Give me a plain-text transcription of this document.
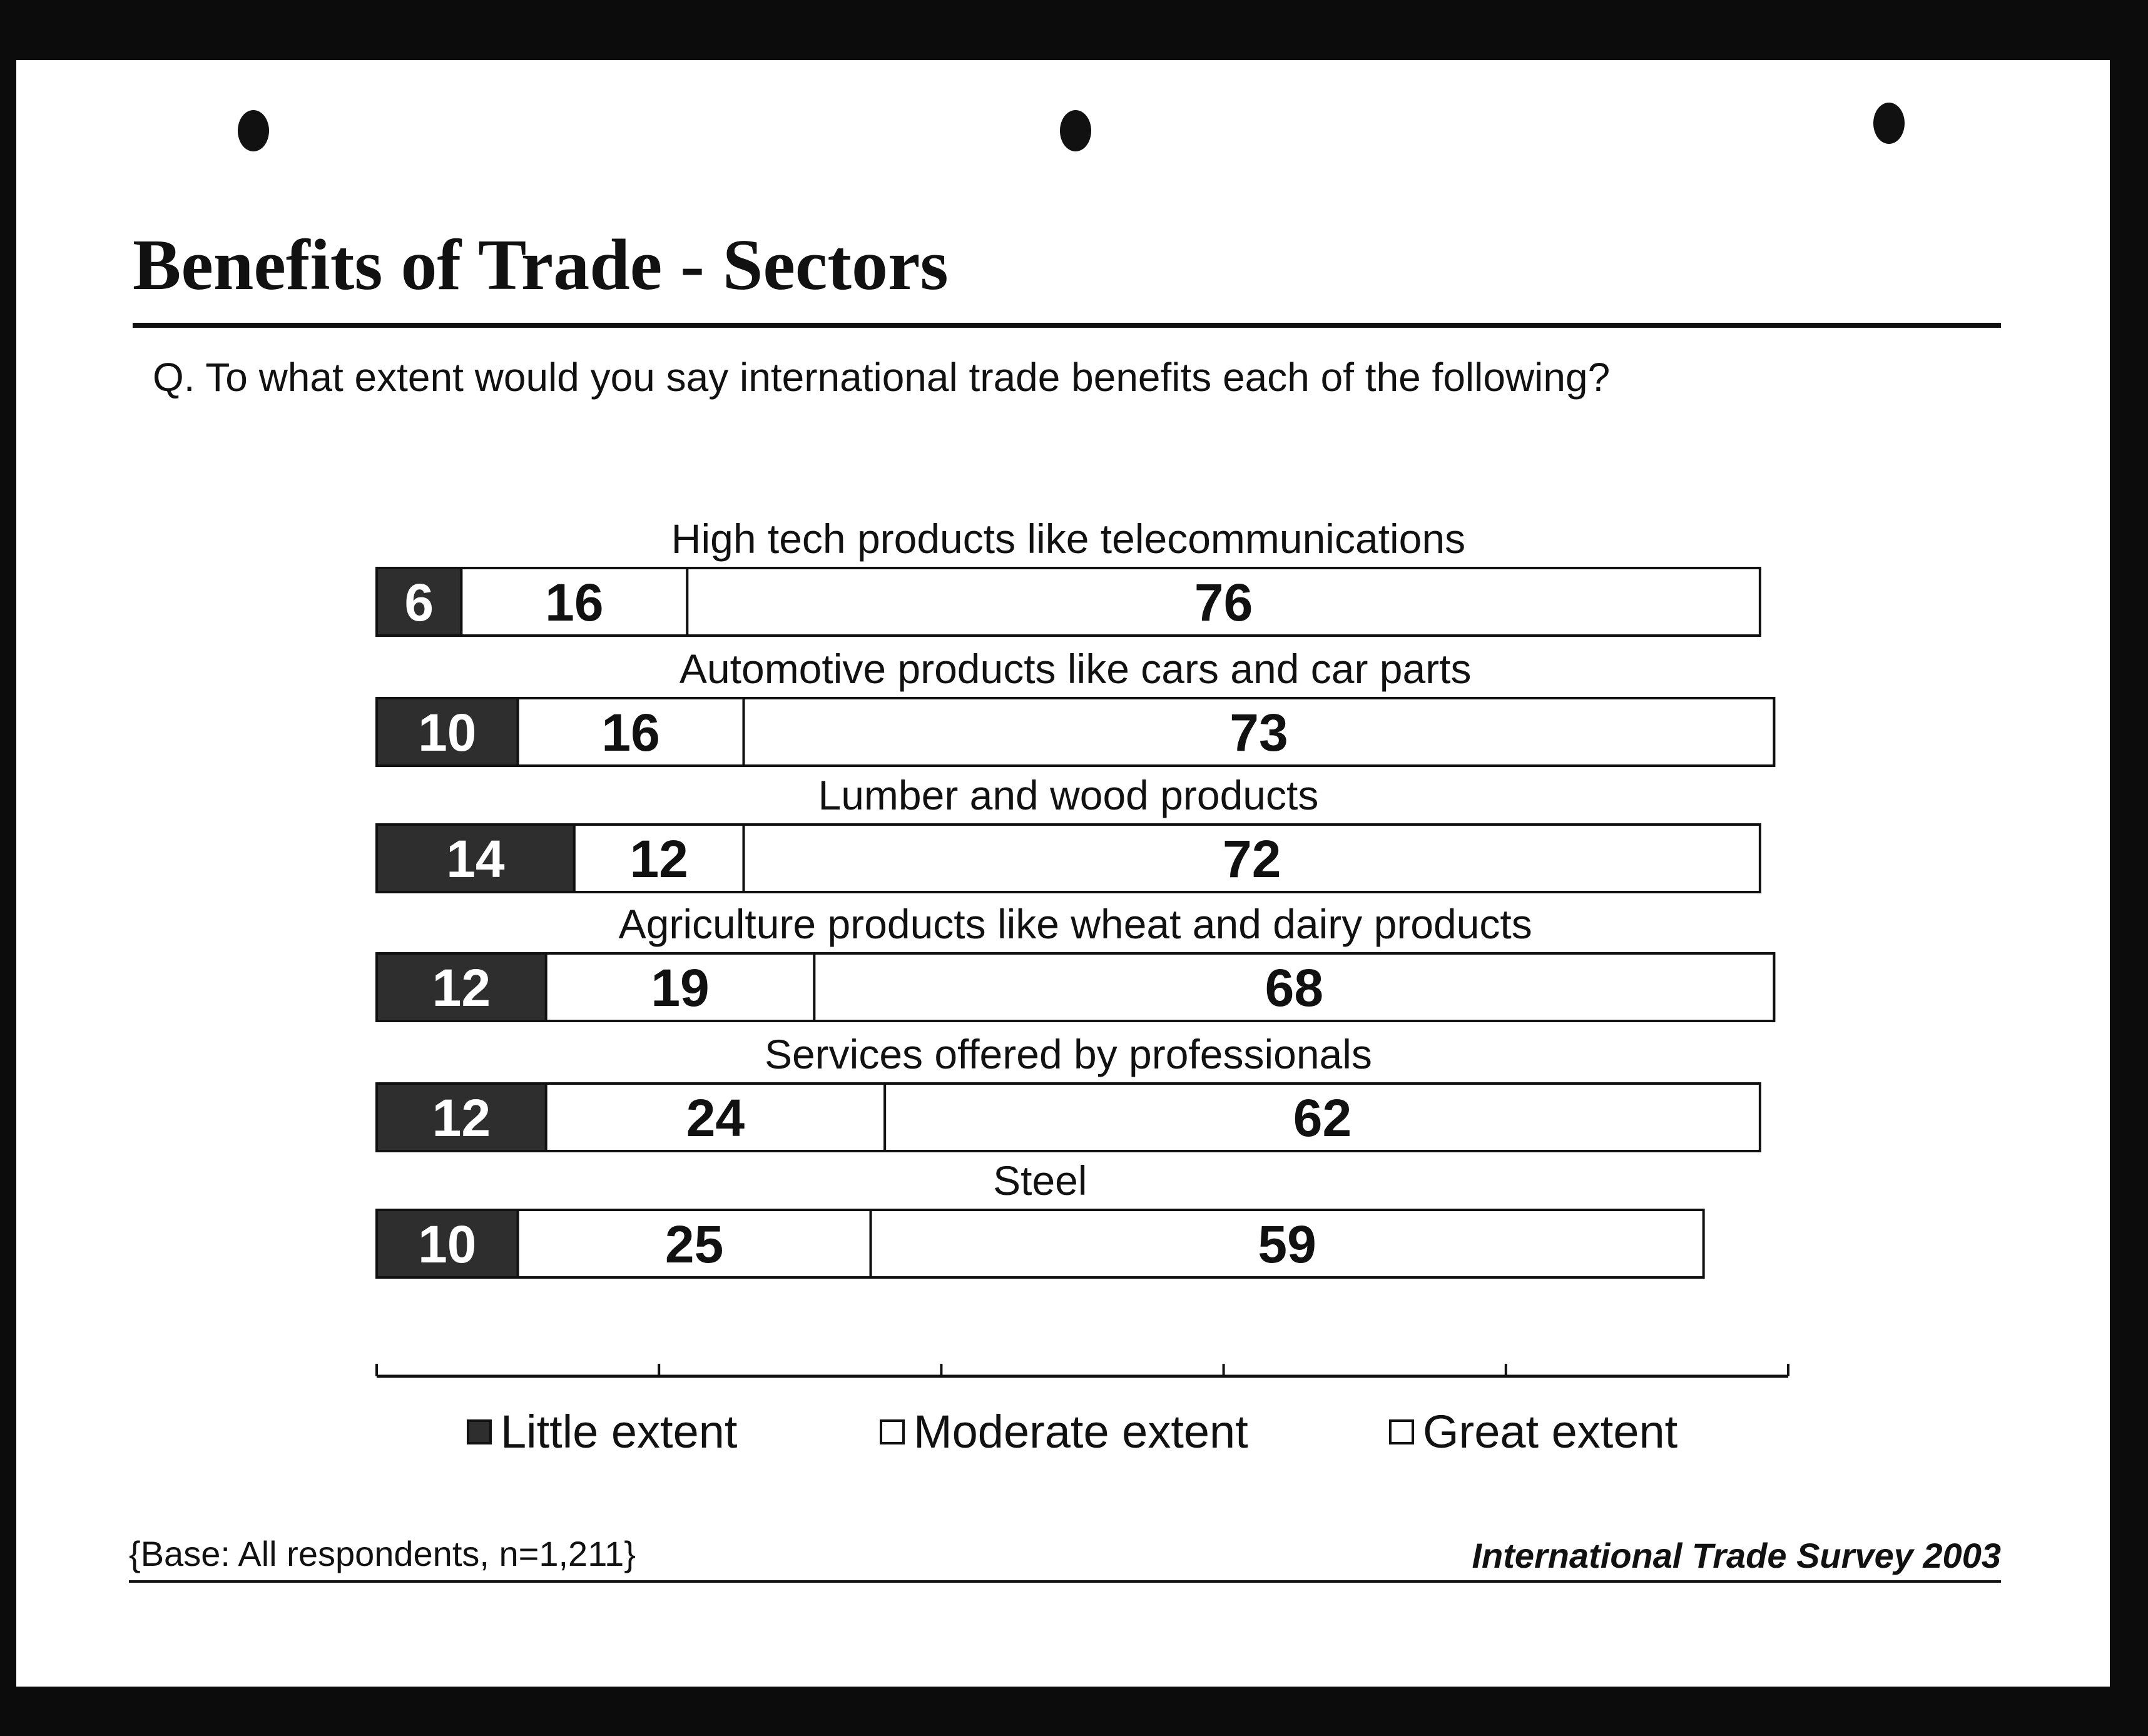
Benefits of Trade - Sectors
Q. To what extent would you say international trade benefits each of the following?
High tech products like telecommunications
6 16	76
Automotive products like cars and car parts
10 16	73
Lumber and wood products
14 12	72
Agriculture products like wheat and dairy products
12	19	68
Services offered by professionals
12	24	62
Steel
10	25	59
Little extent	Moderate extent	Great extent
{Base: All respondents, n=1,211}	International Trade Survey 2003
